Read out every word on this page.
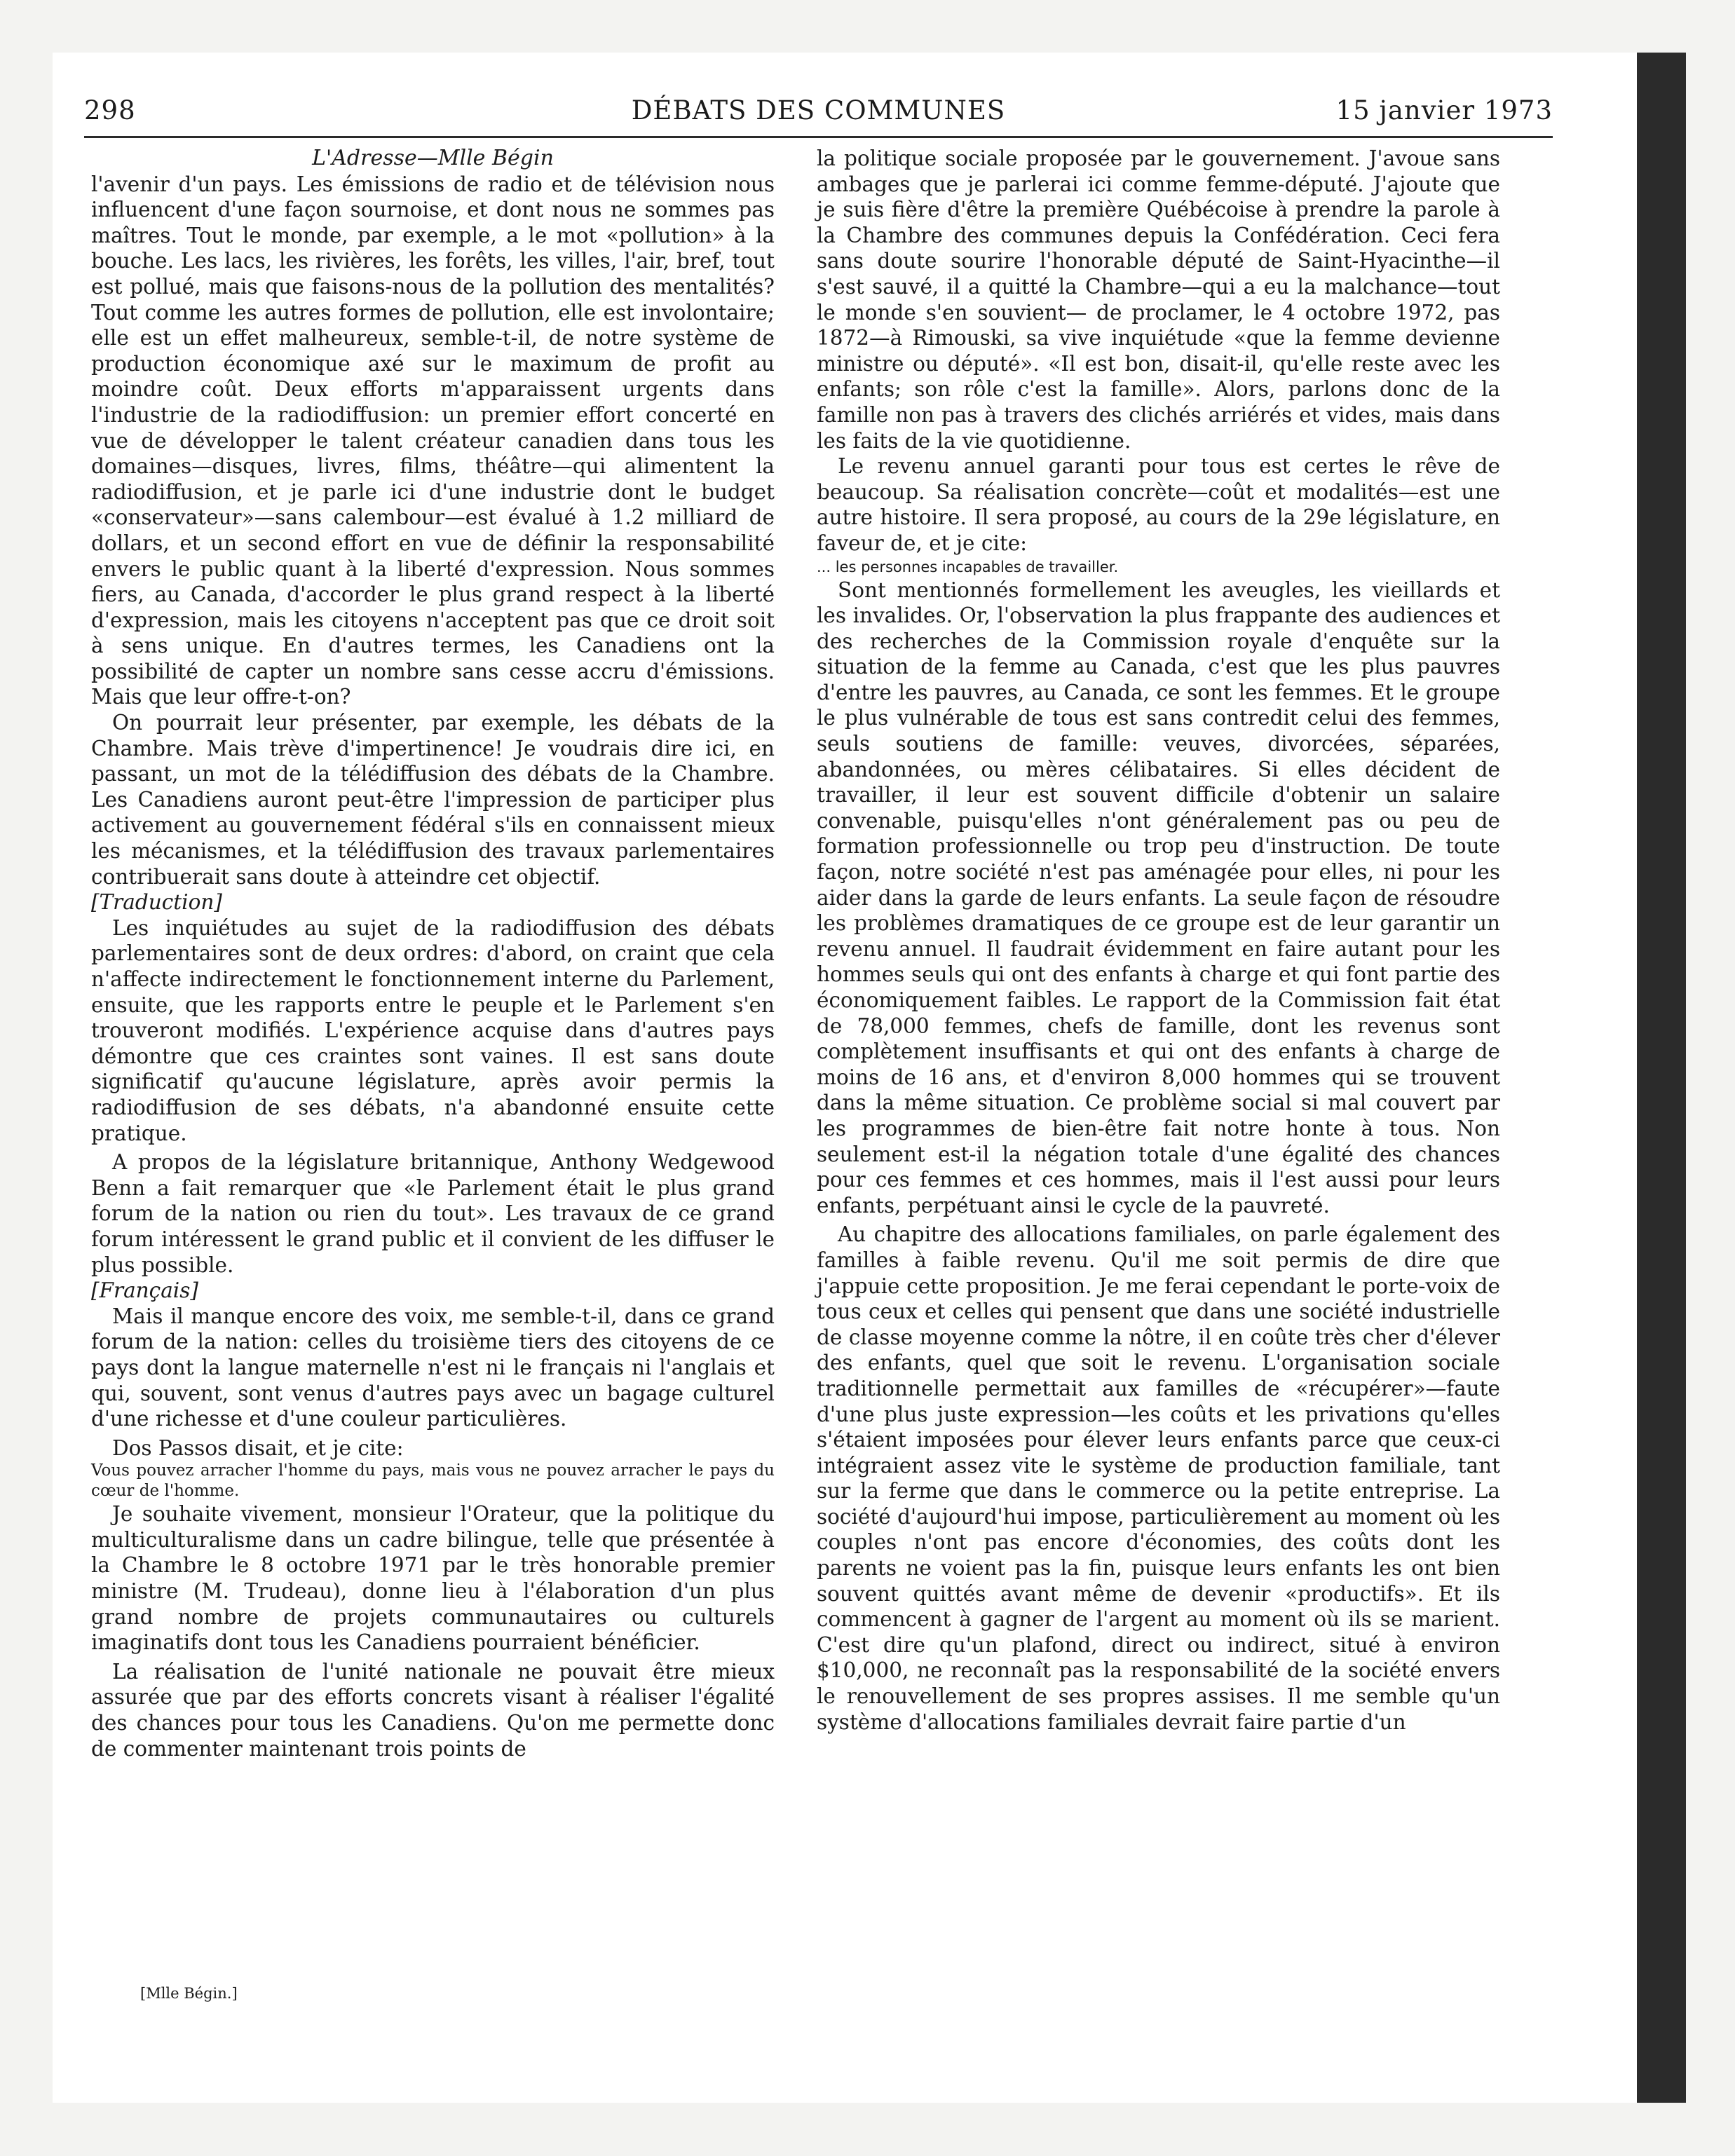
298	DÉBATS DES COMMUNES	15 janvier 1973

L'Adresse—Mlle Bégin

l'avenir d'un pays. Les émissions de radio et de télévision nous influencent d'une façon sournoise, et dont nous ne sommes pas maîtres. Tout le monde, par exemple, a le mot «pollution» à la bouche. Les lacs, les rivières, les forêts, les villes, l'air, bref, tout est pollué, mais que faisons-nous de la pollution des mentalités? Tout comme les autres formes de pollution, elle est involontaire; elle est un effet malheureux, semble-t-il, de notre système de production économique axé sur le maximum de profit au moindre coût. Deux efforts m'apparaissent urgents dans l'industrie de la radiodiffusion: un premier effort concerté en vue de développer le talent créateur canadien dans tous les domaines—disques, livres, films, théâtre—qui alimentent la radiodiffusion, et je parle ici d'une industrie dont le budget «conservateur»—sans calembour—est évalué à 1.2 milliard de dollars, et un second effort en vue de définir la responsabilité envers le public quant à la liberté d'expression. Nous sommes fiers, au Canada, d'accorder le plus grand respect à la liberté d'expression, mais les citoyens n'acceptent pas que ce droit soit à sens unique. En d'autres termes, les Canadiens ont la possibilité de capter un nombre sans cesse accru d'émissions. Mais que leur offre-t-on?

On pourrait leur présenter, par exemple, les débats de la Chambre. Mais trève d'impertinence! Je voudrais dire ici, en passant, un mot de la télédiffusion des débats de la Chambre. Les Canadiens auront peut-être l'impression de participer plus activement au gouvernement fédéral s'ils en connaissent mieux les mécanismes, et la télédiffusion des travaux parlementaires contribuerait sans doute à atteindre cet objectif.

[Traduction]

Les inquiétudes au sujet de la radiodiffusion des débats parlementaires sont de deux ordres: d'abord, on craint que cela n'affecte indirectement le fonctionnement interne du Parlement, ensuite, que les rapports entre le peuple et le Parlement s'en trouveront modifiés. L'expérience acquise dans d'autres pays démontre que ces craintes sont vaines. Il est sans doute significatif qu'aucune législature, après avoir permis la radiodiffusion de ses débats, n'a abandonné ensuite cette pratique.

A propos de la législature britannique, Anthony Wedgewood Benn a fait remarquer que «le Parlement était le plus grand forum de la nation ou rien du tout». Les travaux de ce grand forum intéressent le grand public et il convient de les diffuser le plus possible.

[Français]

Mais il manque encore des voix, me semble-t-il, dans ce grand forum de la nation: celles du troisième tiers des citoyens de ce pays dont la langue maternelle n'est ni le français ni l'anglais et qui, souvent, sont venus d'autres pays avec un bagage culturel d'une richesse et d'une couleur particulières.

Dos Passos disait, et je cite:

Vous pouvez arracher l'homme du pays, mais vous ne pouvez arracher le pays du cœur de l'homme.

Je souhaite vivement, monsieur l'Orateur, que la politique du multiculturalisme dans un cadre bilingue, telle que présentée à la Chambre le 8 octobre 1971 par le très honorable premier ministre (M. Trudeau), donne lieu à l'élaboration d'un plus grand nombre de projets communautaires ou culturels imaginatifs dont tous les Canadiens pourraient bénéficier.

La réalisation de l'unité nationale ne pouvait être mieux assurée que par des efforts concrets visant à réaliser l'égalité des chances pour tous les Canadiens. Qu'on me permette donc de commenter maintenant trois points de

la politique sociale proposée par le gouvernement. J'avoue sans ambages que je parlerai ici comme femme-député. J'ajoute que je suis fière d'être la première Québécoise à prendre la parole à la Chambre des communes depuis la Confédération. Ceci fera sans doute sourire l'honorable député de Saint-Hyacinthe—il s'est sauvé, il a quitté la Chambre—qui a eu la malchance—tout le monde s'en souvient— de proclamer, le 4 octobre 1972, pas 1872—à Rimouski, sa vive inquiétude «que la femme devienne ministre ou député». «Il est bon, disait-il, qu'elle reste avec les enfants; son rôle c'est la famille». Alors, parlons donc de la famille non pas à travers des clichés arriérés et vides, mais dans les faits de la vie quotidienne.

Le revenu annuel garanti pour tous est certes le rêve de beaucoup. Sa réalisation concrète—coût et modalités—est une autre histoire. Il sera proposé, au cours de la 29e législature, en faveur de, et je cite:

... les personnes incapables de travailler.

Sont mentionnés formellement les aveugles, les vieillards et les invalides. Or, l'observation la plus frappante des audiences et des recherches de la Commission royale d'enquête sur la situation de la femme au Canada, c'est que les plus pauvres d'entre les pauvres, au Canada, ce sont les femmes. Et le groupe le plus vulnérable de tous est sans contredit celui des femmes, seuls soutiens de famille: veuves, divorcées, séparées, abandonnées, ou mères célibataires. Si elles décident de travailler, il leur est souvent difficile d'obtenir un salaire convenable, puisqu'elles n'ont généralement pas ou peu de formation professionnelle ou trop peu d'instruction. De toute façon, notre société n'est pas aménagée pour elles, ni pour les aider dans la garde de leurs enfants. La seule façon de résoudre les problèmes dramatiques de ce groupe est de leur garantir un revenu annuel. Il faudrait évidemment en faire autant pour les hommes seuls qui ont des enfants à charge et qui font partie des économiquement faibles. Le rapport de la Commission fait état de 78,000 femmes, chefs de famille, dont les revenus sont complètement insuffisants et qui ont des enfants à charge de moins de 16 ans, et d'environ 8,000 hommes qui se trouvent dans la même situation. Ce problème social si mal couvert par les programmes de bien-être fait notre honte à tous. Non seulement est-il la négation totale d'une égalité des chances pour ces femmes et ces hommes, mais il l'est aussi pour leurs enfants, perpétuant ainsi le cycle de la pauvreté.

Au chapitre des allocations familiales, on parle également des familles à faible revenu. Qu'il me soit permis de dire que j'appuie cette proposition. Je me ferai cependant le porte-voix de tous ceux et celles qui pensent que dans une société industrielle de classe moyenne comme la nôtre, il en coûte très cher d'élever des enfants, quel que soit le revenu. L'organisation sociale traditionnelle permettait aux familles de «récupérer»—faute d'une plus juste expression—les coûts et les privations qu'elles s'étaient imposées pour élever leurs enfants parce que ceux-ci intégraient assez vite le système de production familiale, tant sur la ferme que dans le commerce ou la petite entreprise. La société d'aujourd'hui impose, particulièrement au moment où les couples n'ont pas encore d'économies, des coûts dont les parents ne voient pas la fin, puisque leurs enfants les ont bien souvent quittés avant même de devenir «productifs». Et ils commencent à gagner de l'argent au moment où ils se marient. C'est dire qu'un plafond, direct ou indirect, situé à environ $10,000, ne reconnaît pas la responsabilité de la société envers le renouvellement de ses propres assises. Il me semble qu'un système d'allocations familiales devrait faire partie d'un

[Mlle Bégin.]
